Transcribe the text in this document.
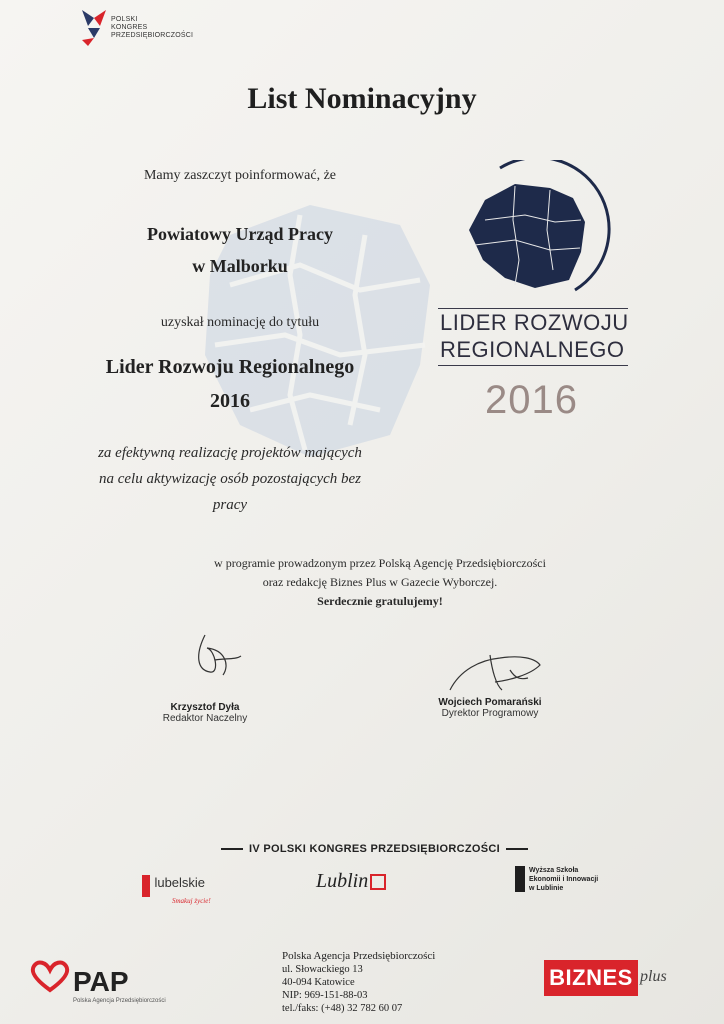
POLSKI
KONGRES
PRZEDSIĘBIORCZOŚCI
List Nominacyjny
Mamy zaszczyt poinformować, że
Powiatowy Urząd Pracy
w Malborku
uzyskał nominację do tytułu
Lider Rozwoju Regionalnego
2016
za efektywną realizację projektów mających
na celu aktywizację osób pozostających bez
pracy
LIDER ROZWOJU
REGIONALNEGO
2016
w programie prowadzonym przez Polską Agencję Przedsiębiorczości
oraz redakcję Biznes Plus w Gazecie Wyborczej.
Serdecznie gratulujemy!
Krzysztof Dyła
Redaktor Naczelny
Wojciech Pomarański
Dyrektor Programowy
IV POLSKI KONGRES PRZEDSIĘBIORCZOŚCI
$^{lubelskie}$
Smakuj życie!
Lublin	Wyższa Szkoła
Ekonomii i Innowacji
w Lublinie
PAP
Polska Agencja Przedsiębiorczości
Polska Agencja Przedsiębiorczości
ul. Słowackiego 13
40-094 Katowice
NIP: 969-151-88-03
tel./faks: (+48) 32 782 60 07
BIZNES plus
